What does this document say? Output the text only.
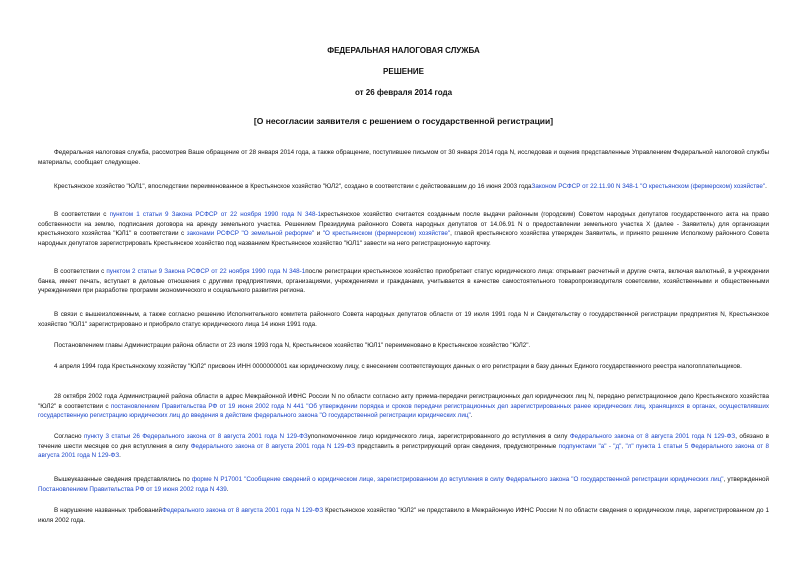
ФЕДЕРАЛЬНАЯ НАЛОГОВАЯ СЛУЖБА
РЕШЕНИЕ
от 26 февраля 2014 года
[О несогласии заявителя с решением о государственной регистрации]

Федеральная налоговая служба, рассмотрев Ваше обращение от 28 января 2014 года, а также обращение, поступившее письмом от 30 января 2014 года N, исследовав и оценив представленные Управлением Федеральной налоговой службы материалы, сообщает следующее.

Крестьянское хозяйство "ЮЛ1", впоследствии переименованное в Крестьянское хозяйство "ЮЛ2", создано в соответствии с действовавшим до 16 июня 2003 годаЗаконом РСФСР от 22.11.90 N 348-1 "О крестьянском (фермерском) хозяйстве".

В соответствии с пунктом 1 статьи 9 Закона РСФСР от 22 ноября 1990 года N 348-1крестьянское хозяйство считается созданным после выдачи районным (городским) Советом народных депутатов государственного акта на право собственности на землю, подписания договора на аренду земельного участка. Решением Президиума районного Совета народных депутатов от 14.06.91 N о предоставлении земельного участка X (далее - Заявитель) для организации крестьянского хозяйства "ЮЛ1" в соответствии с законами РСФСР "О земельной реформе" и "О крестьянском (фермерском) хозяйстве", главой крестьянского хозяйства утвержден Заявитель, и принято решение Исполкому районного Совета народных депутатов зарегистрировать Крестьянское хозяйство под названием Крестьянское хозяйство "ЮЛ1" завести на него регистрационную карточку.

В соответствии с пунктом 2 статьи 9 Закона РСФСР от 22 ноября 1990 года N 348-1после регистрации крестьянское хозяйство приобретает статус юридического лица: открывает расчетный и другие счета, включая валютный, в учреждении банка, имеет печать, вступает в деловые отношения с другими предприятиями, организациями, учреждениями и гражданами, учитывается в качестве самостоятельного товаропроизводителя советскими, хозяйственными и общественными учреждениями при разработке программ экономического и социального развития региона.

В связи с вышеизложенным, а также согласно решению Исполнительного комитета районного Совета народных депутатов области от 19 июля 1991 года N и Свидетельству о государственной регистрации предприятия N, Крестьянское хозяйство "ЮЛ1" зарегистрировано и приобрело статус юридического лица 14 июня 1991 года.

Постановлением главы Администрации района области от 23 июля 1993 года N, Крестьянское хозяйство "ЮЛ1" переименовано в Крестьянское хозяйство "ЮЛ2".

4 апреля 1994 года Крестьянскому хозяйству "ЮЛ2" присвоен ИНН 0000000001 как юридическому лицу, с внесением соответствующих данных о его регистрации в базу данных Единого государственного реестра налогоплательщиков.

28 октября 2002 года Администрацией района области в адрес Межрайонной ИФНС России N по области согласно акту приема-передачи регистрационных дел юридических лиц N, передано регистрационное дело Крестьянского хозяйства "ЮЛ2" в соответствии с постановлением Правительства РФ от 19 июня 2002 года N 441 "Об утверждении порядка и сроков передачи регистрационных дел зарегистрированных ранее юридических лиц, хранящихся в органах, осуществлявших государственную регистрацию юридических лиц до введения в действие федерального закона "О государственной регистрации юридических лиц".

Согласно пункту 3 статьи 26 Федерального закона от 8 августа 2001 года N 129-ФЗуполномоченное лицо юридического лица, зарегистрированного до вступления в силу Федерального закона от 8 августа 2001 года N 129-ФЗ, обязано в течение шести месяцев со дня вступления в силу Федерального закона от 8 августа 2001 года N 129-ФЗ представить в регистрирующий орган сведения, предусмотренные подпунктами "а" - "д", "л" пункта 1 статьи 5 Федерального закона от 8 августа 2001 года N 129-ФЗ.

Вышеуказанные сведения представлялись по форме N Р17001 "Сообщение сведений о юридическом лице, зарегистрированном до вступления в силу Федерального закона "О государственной регистрации юридических лиц", утвержденной Постановлением Правительства РФ от 19 июня 2002 года N 439.

В нарушение названных требованийФедерального закона от 8 августа 2001 года N 129-ФЗ Крестьянское хозяйство "ЮЛ2" не представило в Межрайонную ИФНС России N по области сведения о юридическом лице, зарегистрированном до 1 июля 2002 года.
